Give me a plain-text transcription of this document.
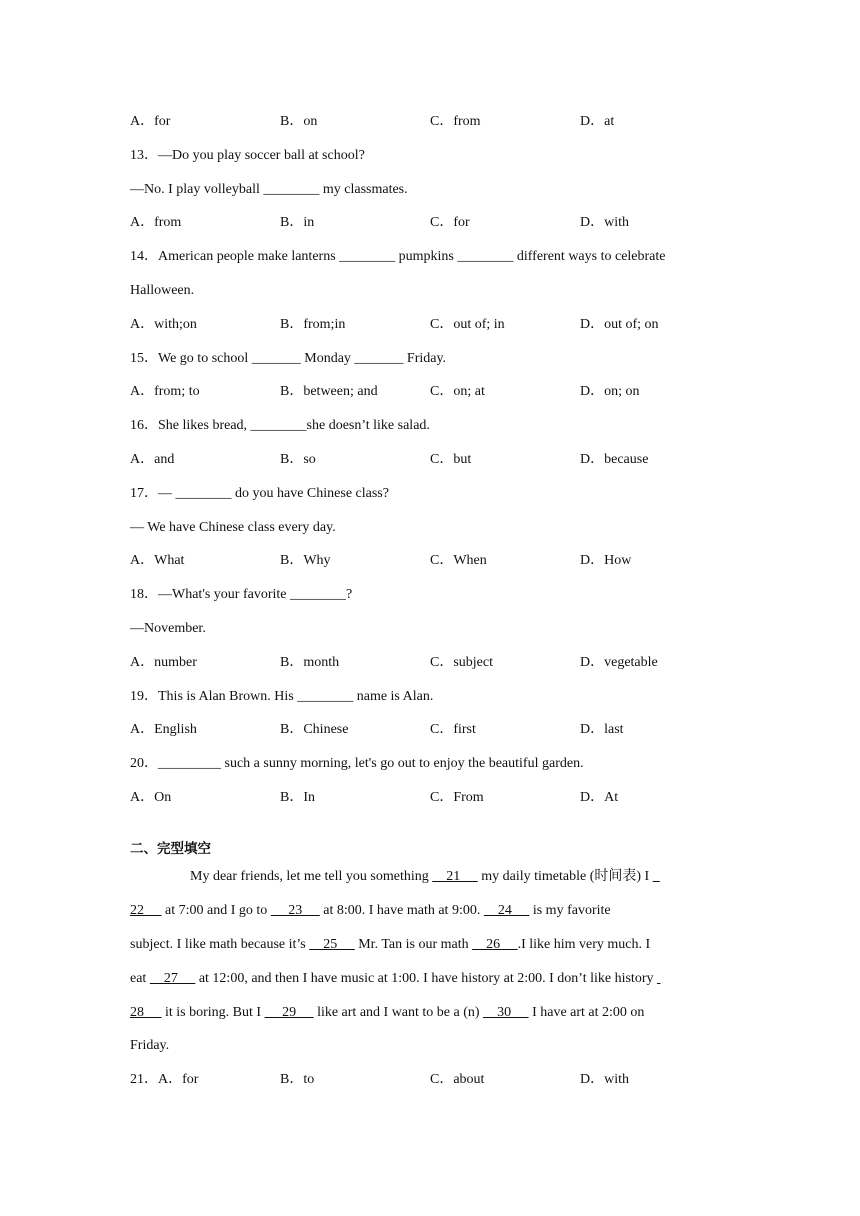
A．for	B．on	C．from	D．at
13．—Do you play soccer ball at school?
—No. I play volleyball ________ my classmates.
A．from	B．in	C．for	D．with
14．American people make lanterns ________ pumpkins ________ different ways to celebrate
Halloween.
A．with;on	B．from;in	C．out of; in	D．out of; on
15．We go to school _______ Monday _______ Friday.
A．from; to	B．between; and	C．on; at	D．on; on
16．She likes bread, ________she doesn’t like salad.
A．and	B．so	C．but	D．because
17．— ________ do you have Chinese class?
— We have Chinese class every day.
A．What	B．Why	C．When	D．How
18．—What's your favorite ________?
—November.
A．number	B．month	C．subject	D．vegetable
19．This is Alan Brown. His ________ name is Alan.
A．English	B．Chinese	C．first	D．last
20．_________ such a sunny morning, let's go out to enjoy the beautiful garden.
A．On	B．In	C．From	D．At
二、完型填空
My dear friends, let me tell you something     21      my daily timetable (时间表) I
22      at 7:00 and I go to      23      at 8:00. I have math at 9:00.     24      is my favorite
subject. I like math because it’s     25      Mr. Tan is our math     26     .I like him very much. I
eat     27      at 12:00, and then I have music at 1:00. I have history at 2:00. I don’t like history
28      it is boring. But I      29      like art and I want to be a (n)     30      I have art at 2:00 on
Friday.
21．A．for	B．to	C．about	D．with
